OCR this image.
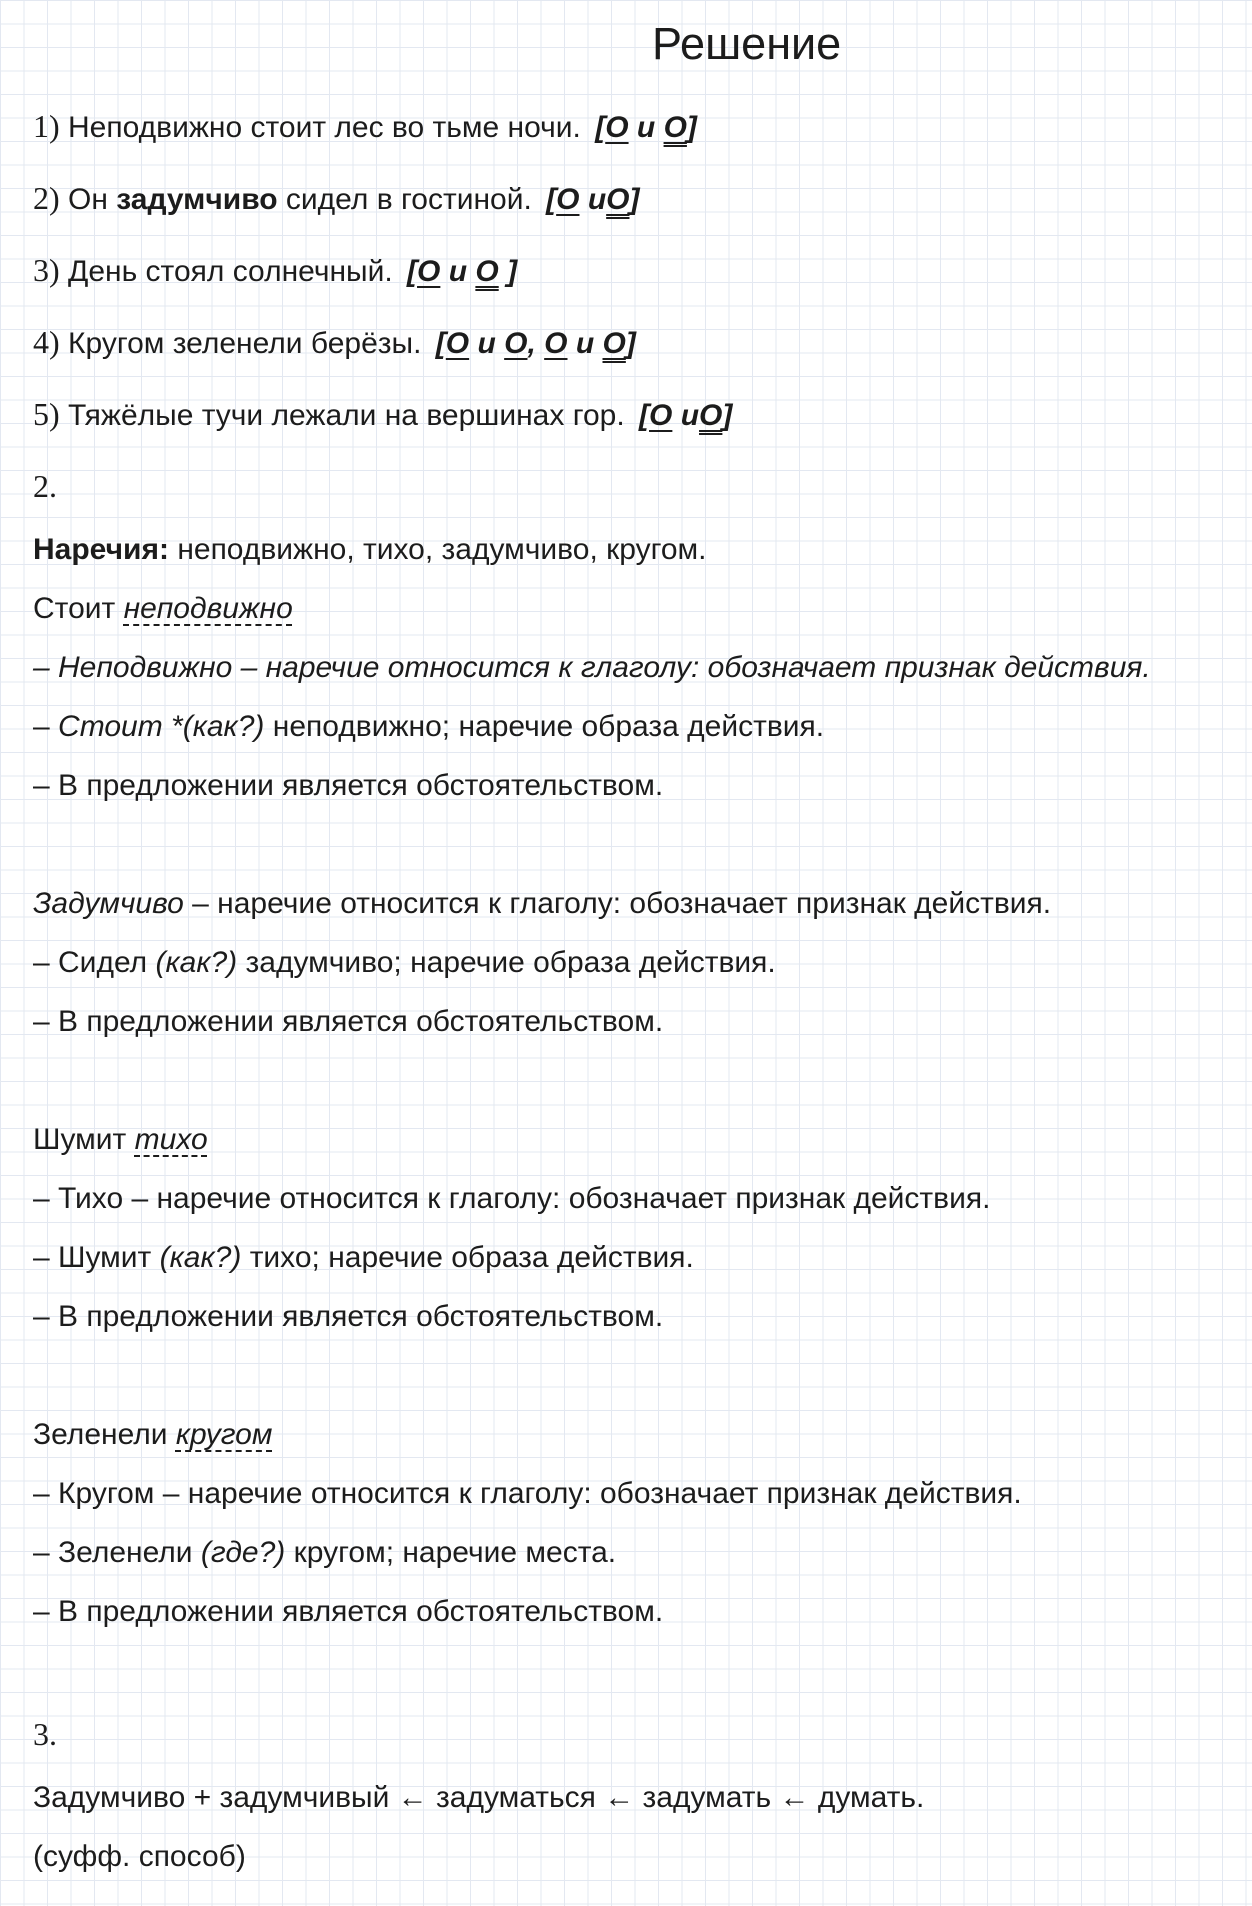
Решение
1) Неподвижно стоит лес во тьме ночи. [О и О]
2) Он задумчиво сидел в гостиной. [О иО]
3) День стоял солнечный. [О и О ]
4) Кругом зеленели берёзы. [О и О, О и О]
5) Тяжёлые тучи лежали на вершинах гор. [О иО]
2.
Наречия: неподвижно, тихо, задумчиво, кругом.
Стоит неподвижно
– Неподвижно – наречие относится к глаголу: обозначает признак действия.
– Стоит *(как?) неподвижно; наречие образа действия.
– В предложении является обстоятельством.
Задумчиво – наречие относится к глаголу: обозначает признак действия.
– Сидел (как?) задумчиво; наречие образа действия.
– В предложении является обстоятельством.
Шумит тихо
– Тихо – наречие относится к глаголу: обозначает признак действия.
– Шумит (как?) тихо; наречие образа действия.
– В предложении является обстоятельством.
Зеленели кругом
– Кругом – наречие относится к глаголу: обозначает признак действия.
– Зеленели (где?) кругом; наречие места.
– В предложении является обстоятельством.
3.
Задумчиво + задумчивый ← задуматься ← задумать ← думать.
(суфф. способ)
